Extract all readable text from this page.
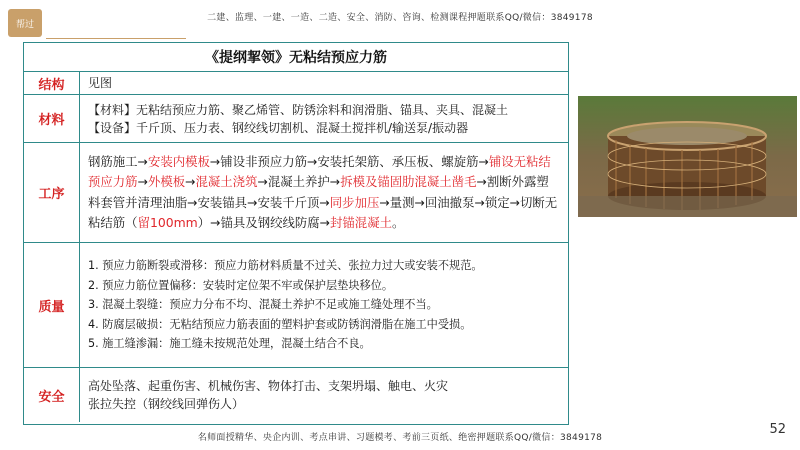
帮过
二建、监理、一建、一造、二造、安全、消防、咨询、检测课程押题联系QQ/微信：3849178
《提纲挈领》无粘结预应力筋
结构	见图
材料
【材料】无粘结预应力筋、聚乙烯管、防锈涂料和润滑脂、锚具、夹具、混凝土
【设备】千斤顶、压力表、钢绞线切割机、混凝土搅拌机/输送泵/振动器
工序
钢筋施工→安装内模板→铺设非预应力筋→安装托架筋、承压板、螺旋筋→铺设无粘结预应力筋→外模板→混凝土浇筑→混凝土养护→拆模及锚固肋混凝土凿毛→割断外露塑料套管并清理油脂→安装锚具→安装千斤顶→同步加压→量测→回油撤泵→锁定→切断无粘结筋（留100mm）→锚具及钢绞线防腐→封锚混凝土。
质量
1. 预应力筋断裂或滑移：预应力筋材料质量不过关、张拉力过大或安装不规范。
2. 预应力筋位置偏移：安装时定位架不牢或保护层垫块移位。
3. 混凝土裂缝：预应力分布不均、混凝土养护不足或施工缝处理不当。
4. 防腐层破损：无粘结预应力筋表面的塑料护套或防锈润滑脂在施工中受损。
5. 施工缝渗漏：施工缝未按规范处理，混凝土结合不良。
安全
高处坠落、起重伤害、机械伤害、物体打击、支架坍塌、触电、火灾
张拉失控（钢绞线回弹伤人）
名师面授精华、央企内训、考点串讲、习题模考、考前三页纸、绝密押题联系QQ/微信：3849178
52
